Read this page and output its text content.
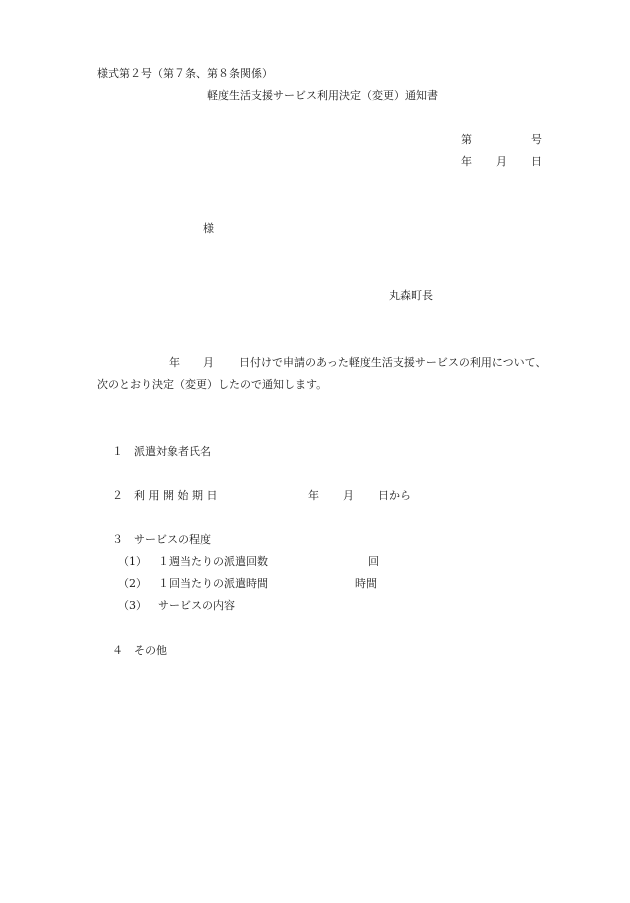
様式第２号（第７条、第８条関係）
軽度生活支援サービス利用決定（変更）通知書
第	号
年 月 日
様
丸森町長
年 月 日付けで申請のあった軽度生活支援サービスの利用について、
次のとおり決定（変更）したので通知します。
１ 派遣対象者氏名
２ 利 用 開 始 期 日	年 月 日から
３ サービスの程度
（1） １週当たりの派遣回数	回
（2） １回当たりの派遣時間	時間
（3） サービスの内容
４ その他
